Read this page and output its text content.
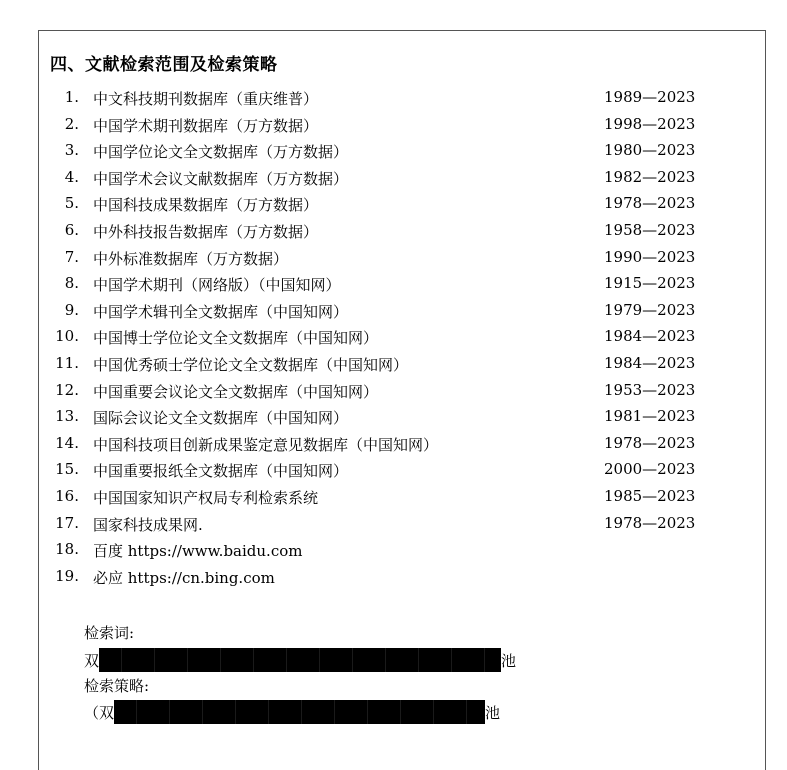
四、文献检索范围及检索策略
1. 中文科技期刊数据库（重庆维普）	1989—2023
2. 中国学术期刊数据库（万方数据）	1998—2023
3. 中国学位论文全文数据库（万方数据）	1980—2023
4. 中国学术会议文献数据库（万方数据）	1982—2023
5. 中国科技成果数据库（万方数据）	1978—2023
6. 中外科技报告数据库（万方数据）	1958—2023
7. 中外标准数据库（万方数据）	1990—2023
8. 中国学术期刊（网络版）（中国知网）	1915—2023
9. 中国学术辑刊全文数据库（中国知网）	1979—2023
10. 中国博士学位论文全文数据库（中国知网）	1984—2023
11. 中国优秀硕士学位论文全文数据库（中国知网）	1984—2023
12. 中国重要会议论文全文数据库（中国知网）	1953—2023
13. 国际会议论文全文数据库（中国知网）	1981—2023
14. 中国科技项目创新成果鉴定意见数据库（中国知网）	1978—2023
15. 中国重要报纸全文数据库（中国知网）	2000—2023
16. 中国国家知识产权局专利检索系统	1985—2023
17. 国家科技成果网.	1978—2023
18. 百度 https://www.baidu.com
19. 必应 https://cn.bing.com
检索词:
双	池
检索策略:
（双	池
